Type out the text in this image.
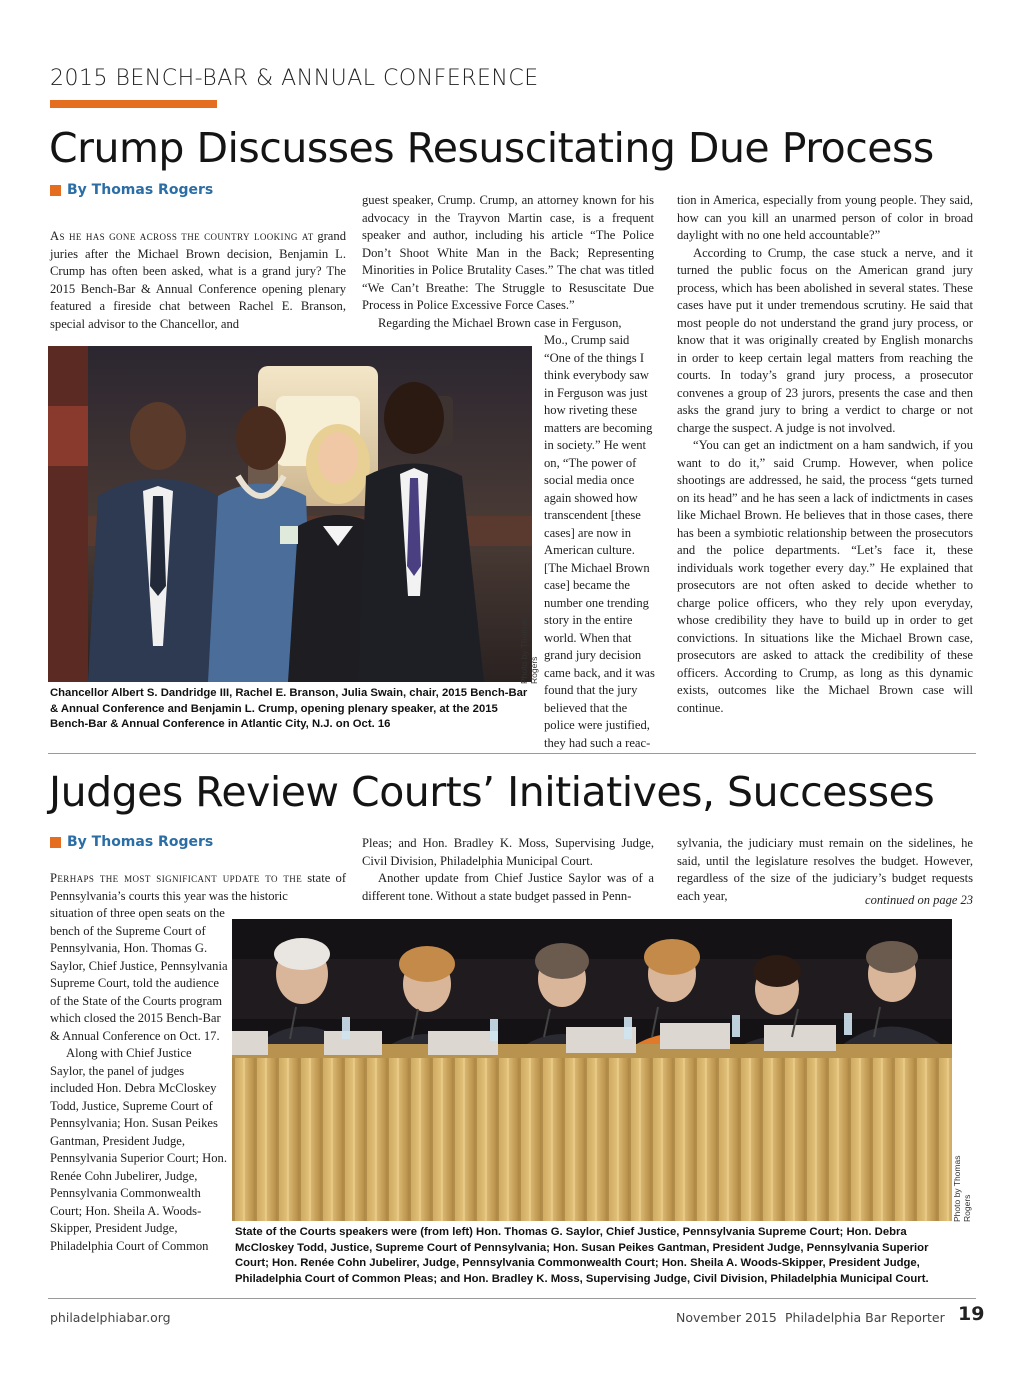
2015 BENCH-BAR & ANNUAL CONFERENCE
Crump Discusses Resuscitating Due Process
By Thomas Rogers

As he has gone across the country looking at grand juries after the Michael Brown decision, Benjamin L. Crump has often been asked, what is a grand jury? The 2015 Bench-Bar & Annual Conference opening plenary featured a fireside chat between Rachel E. Branson, special advisor to the Chancellor, and

guest speaker, Crump. Crump, an attorney known for his advocacy in the Trayvon Martin case, is a frequent speaker and author, including his article “The Police Don’t Shoot White Man in the Back; Representing Minorities in Police Brutality Cases.” The chat was titled “We Can’t Breathe: The Struggle to Resuscitate Due Process in Police Excessive Force Cases.”

Regarding the Michael Brown case in Ferguson,

Mo., Crump said “One of the things I think everybody saw in Ferguson was just how riveting these matters are becoming in society.” He went on, “The power of social media once again showed how transcendent [these cases] are now in American culture. [The Michael Brown case] became the number one trending story in the entire world. When that grand jury decision came back, and it was found that the jury believed that the police were justified, they had such a reac-

tion in America, especially from young people. They said, how can you kill an unarmed person of color in broad daylight with no one held accountable?”

According to Crump, the case stuck a nerve, and it turned the public focus on the American grand jury process, which has been abolished in several states. These cases have put it under tremendous scrutiny. He said that most people do not understand the grand jury process, or know that it was originally created by English monarchs in order to keep certain legal matters from reaching the courts. In today’s grand jury process, a prosecutor convenes a group of 23 jurors, presents the case and then asks the grand jury to bring a verdict to charge or not charge the suspect. A judge is not involved.

“You can get an indictment on a ham sandwich, if you want to do it,” said Crump. However, when police shootings are addressed, he said, the process “gets turned on its head” and he has seen a lack of indictments in cases like Michael Brown. He believes that in those cases, there has been a symbiotic relationship between the prosecutors and the police departments. “Let’s face it, these individuals work together every day.” He explained that prosecutors are not often asked to decide whether to charge police officers, who they rely upon everyday, whose credibility they have to build up in order to get convictions. In situations like the Michael Brown case, prosecutors are asked to attack the credibility of these officers. According to Crump, as long as this dynamic exists, outcomes like the Michael Brown case will continue.

Photo by Thomas Rogers
Chancellor Albert S. Dandridge III, Rachel E. Branson, Julia Swain, chair, 2015 Bench-Bar & Annual Conference and Benjamin L. Crump, opening plenary speaker, at the 2015 Bench-Bar & Annual Conference in Atlantic City, N.J. on Oct. 16
Judges Review Courts’ Initiatives, Successes
By Thomas Rogers

Perhaps the most significant update to the state of Pennsylvania’s courts this year was the historic

situation of three open seats on the bench of the Supreme Court of Pennsylvania, Hon. Thomas G. Saylor, Chief Justice, Pennsylvania Supreme Court, told the audience of the State of the Courts program which closed the 2015 Bench-Bar & Annual Conference on Oct. 17.

Along with Chief Justice Saylor, the panel of judges included Hon. Debra McCloskey Todd, Justice, Supreme Court of Pennsylvania; Hon. Susan Peikes Gantman, President Judge, Pennsylvania Superior Court; Hon. Renée Cohn Jubelirer, Judge, Pennsylvania Commonwealth Court; Hon. Sheila A. Woods-Skipper, President Judge, Philadelphia Court of Common

Pleas; and Hon. Bradley K. Moss, Supervising Judge, Civil Division, Philadelphia Municipal Court.

Another update from Chief Justice Saylor was of a different tone. Without a state budget passed in Penn-

sylvania, the judiciary must remain on the sidelines, he said, until the legislature resolves the budget. However, regardless of the size of the judiciary’s budget requests each year,	continued on page 23
Photo by Thomas Rogers
State of the Courts speakers were (from left) Hon. Thomas G. Saylor, Chief Justice, Pennsylvania Supreme Court; Hon. Debra McCloskey Todd, Justice, Supreme Court of Pennsylvania; Hon. Susan Peikes Gantman, President Judge, Pennsylvania Superior Court; Hon. Renée Cohn Jubelirer, Judge, Pennsylvania Commonwealth Court; Hon. Sheila A. Woods-Skipper, President Judge, Philadelphia Court of Common Pleas; and Hon. Bradley K. Moss, Supervising Judge, Civil Division, Philadelphia Municipal Court.
philadelphiabar.org	November 2015 Philadelphia Bar Reporter 19
